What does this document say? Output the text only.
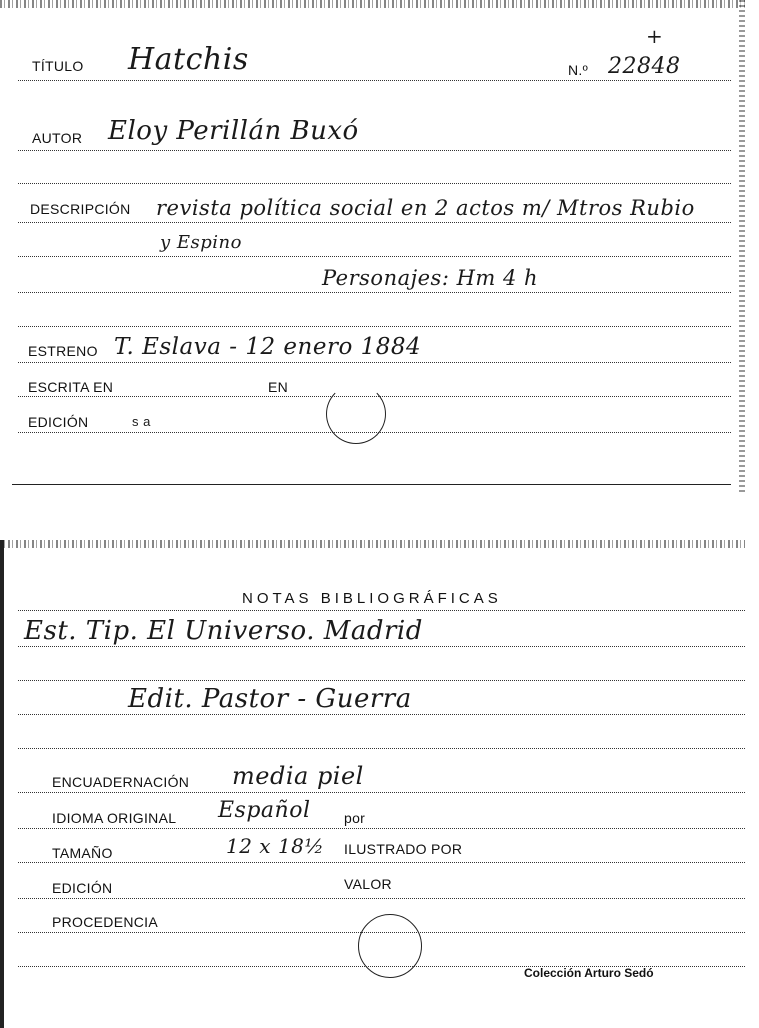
TÍTULO Hatchis	N.º 22848
+
AUTOR Eloy Perillán Buxó
DESCRIPCIÓN revista política social en 2 actos m/ Mtros Rubio
y Espino
Personajes: Hm 4 h
ESTRENO T. Eslava - 12 enero 1884
ESCRITA EN	EN
EDICIÓN	s a
NOTAS BIBLIOGRÁFICAS
Est. Tip. El Universo. Madrid
Edit. Pastor - Guerra
ENCUADERNACIÓN media piel
IDIOMA ORIGINAL Español por
TAMAÑO	12 x 18½ ILUSTRADO POR
EDICIÓN	VALOR
PROCEDENCIA
Colección Arturo Sedó
